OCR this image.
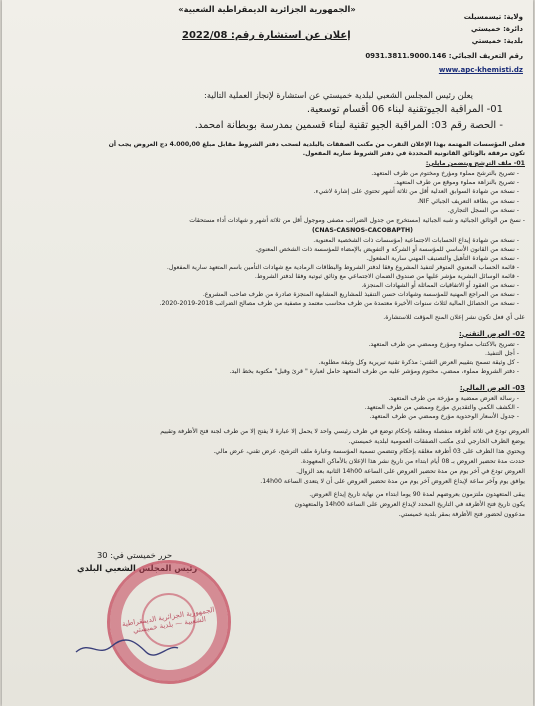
«الجمهورية الجزائرية الديمقراطية الشعبية»
ولاية: تيسمسيلت
دائرة: خميستي
بلدية: خميستي
إعلان عن استشارة رقم: 2022/08
رقم التعريف الجبائي: 0931.3811.9000.146
www.apc-khemisti.dz
يعلن رئيس المجلس الشعبي لبلدية خميستي عن استشارة لإنجاز العملية التالية:
01- المراقبة الجيوتقنية لبناء 06 أقسام توسعية.
- الحصة رقم 03: المراقبة الجيو تقنية لبناء قسمين بمدرسة بوبطانة امحمد.
فعلى المؤسسات المهتمة بهذا الإعلان التقرب من مكتب الصفقات بالبلدية لسحب دفتر الشروط مقابل مبلغ 4.000,00 دج العروض يجب أن
تكون مرفقة بالوثائق القانونية المحددة في دفتر الشروط سارية المفعول.
01- ملف الترشح ويتضمن مايلي:
- تصريح بالترشح مملوء ومؤرخ ومختوم من طرف المتعهد.
- تصريح بالنزاهة مملوء وموقع من طرف المتعهد.
- نسخة من شهادة السوابق العدلية أقل من ثلاثة أشهر تحتوي على إشارة لاشيء.
- نسخة من بطاقة التعريف الجبائي NIF.
- نسخة من السجل التجاري.
- نسخ من الوثائق الجبائية و شبه الجبائية (مستخرج من جدول الضرائب مصفى وموجول أقل من ثلاثة أشهر و شهادات أداء مستحقات
(CNAS-CASNOS-CACOBAPTH)
- نسخة من شهادة إيداع الحسابات الاجتماعية (مؤسسات ذات الشخصية المعنوية.
- نسخة من القانون الأساسي للمؤسسة أو الشركة و التفويض بالإمضاء للمؤسسة ذات الشخص المعنوي.
- نسخة من شهادة التأهيل والتصنيف المهني سارية المفعول.
- قائمة الحساب المعنوي المتوفر لتنفيذ المشروع وفقا لدفتر الشروط والبطاقات الرمادية مع شهادات التأمين باسم المتعهد سارية المفعول.
- قائمة الوسائل البشرية مؤشر عليها من صندوق الضمان الاجتماعي مع وثائق ثبوتية وفقا لدفتر الشروط.
- نسخة من العقود أو الاتفاقيات المماثلة أو الشهادات المنجزة.
- نسخة من المراجع المهنية للمؤسسة وشهادات حسن التنفيذ للمشاريع المشابهة المنجزة صادرة من طرف صاحب المشروع.
- نسخة من الحصائل المالية لثلاث سنوات الأخيرة معتمدة من طرف محاسب معتمد و مصفية من طرف مصالح الضرائب 2018-2019-2020.
على أي فعل تكون نشر إعلان المنح المؤقت للاستشارة.
02- العرض التقني:
- تصريح بالاكتتاب مملوء ومؤرخ وممضي من طرف المتعهد.
- أجل التنفيذ.
- كل وثيقة تسمح بتقييم العرض التقني: مذكرة تقنية تبريرية وكل وثيقة مطلوبة.
- دفتر الشروط مملوء، ممضي، مختوم ومؤشر عليه من طرف المتعهد حامل لعبارة " قرئ وقبل" مكتوبة بخط اليد.
03- العرض المالي:
- رسالة العرض ممضية و مؤرخة من طرف المتعهد.
- الكشف الكمي والتقديري مؤرخ وممضي من طرف المتعهد.
- جدول الأسعار الوحدوية مؤرخ وممضي من طرف المتعهد.
العروض تودع في ثلاثة أظرفة منفصلة ومغلقة بإحكام توضع في ظرف رئيسي واحد لا يحمل إلا عبارة لا يفتح إلا من طرف لجنة فتح الأظرفة وتقييم
يوضع الظرف الخارجي لدى مكتب الصفقات العمومية لبلدية خميستي.
ويحتوي هذا الظرف على 03 أظرفة مغلقة بإحكام وتتضمن تسمية المؤسسة وعبارة ملف الترشح، عرض تقني، عرض مالي.
حددت مدة تحضير العروض بـ 08 أيام ابتداء من تاريخ نشر هذا الإعلان بالأماكن المعهودة.
العروض تودع في آخر يوم من مدة تحضير العروض على الساعة 14h00 الثانية بعد الزوال.
يوافق يوم وآخر ساعة لإيداع العروض آخر يوم من مدة تحضير العروض على أن لا يتعدى الساعة 14h00.
يبقى المتعهدون ملتزمون بعروضهم لمدة 90 يوما ابتداء من نهاية تاريخ إيداع العروض.
يكون تاريخ فتح الأظرفة في التاريخ المحدد لإيداع العروض على الساعة 14h00 والمتعهدون
مدعوون لحضور فتح الأظرفة بمقر بلدية خميستي.
حرر خميستي في: 30
رئيس المجلس الشعبي البلدي
الجمهورية الجزائرية الديمقراطية الشعبية — بلدية خميستي
